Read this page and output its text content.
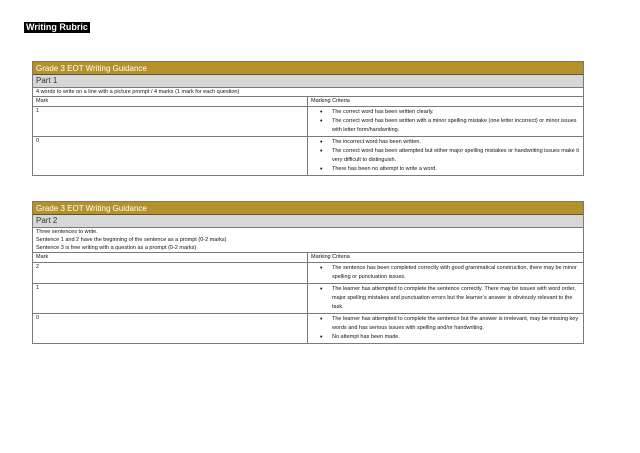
Writing Rubric
Grade 3 EOT Writing Guidance
Part 1
4 words to write on a line with a picture prompt / 4 marks (1 mark for each question)
Mark	Marking Criteria
1	• The correct word has been written clearly.
• The correct word has been written with a minor spelling mistake (one letter incorrect) or minor issues with letter form/handwriting.
0	• The incorrect word has been written.
• The correct word has been attempted but either major spelling mistakes or handwriting issues make it very difficult to distinguish.
• There has been no attempt to write a word.
Grade 3 EOT Writing Guidance
Part 2
Three sentences to write.
Sentence 1 and 2 have the beginning of the sentence as a prompt (0-2 marks)
Sentence 3 is free writing with a question as a prompt (0-2 marks)
Mark	Marking Criteria
2	• The sentence has been completed correctly with good grammatical construction, there may be minor spelling or punctuation issues.
1	• The learner has attempted to complete the sentence correctly. There may be issues with word order, major spelling mistakes and punctuation errors but the learner’s answer is obviously relevant to the task.
0	• The learner has attempted to complete the sentence but the answer is irrelevant, may be missing key words and has serious issues with spelling and/or handwriting.
• No attempt has been made.
